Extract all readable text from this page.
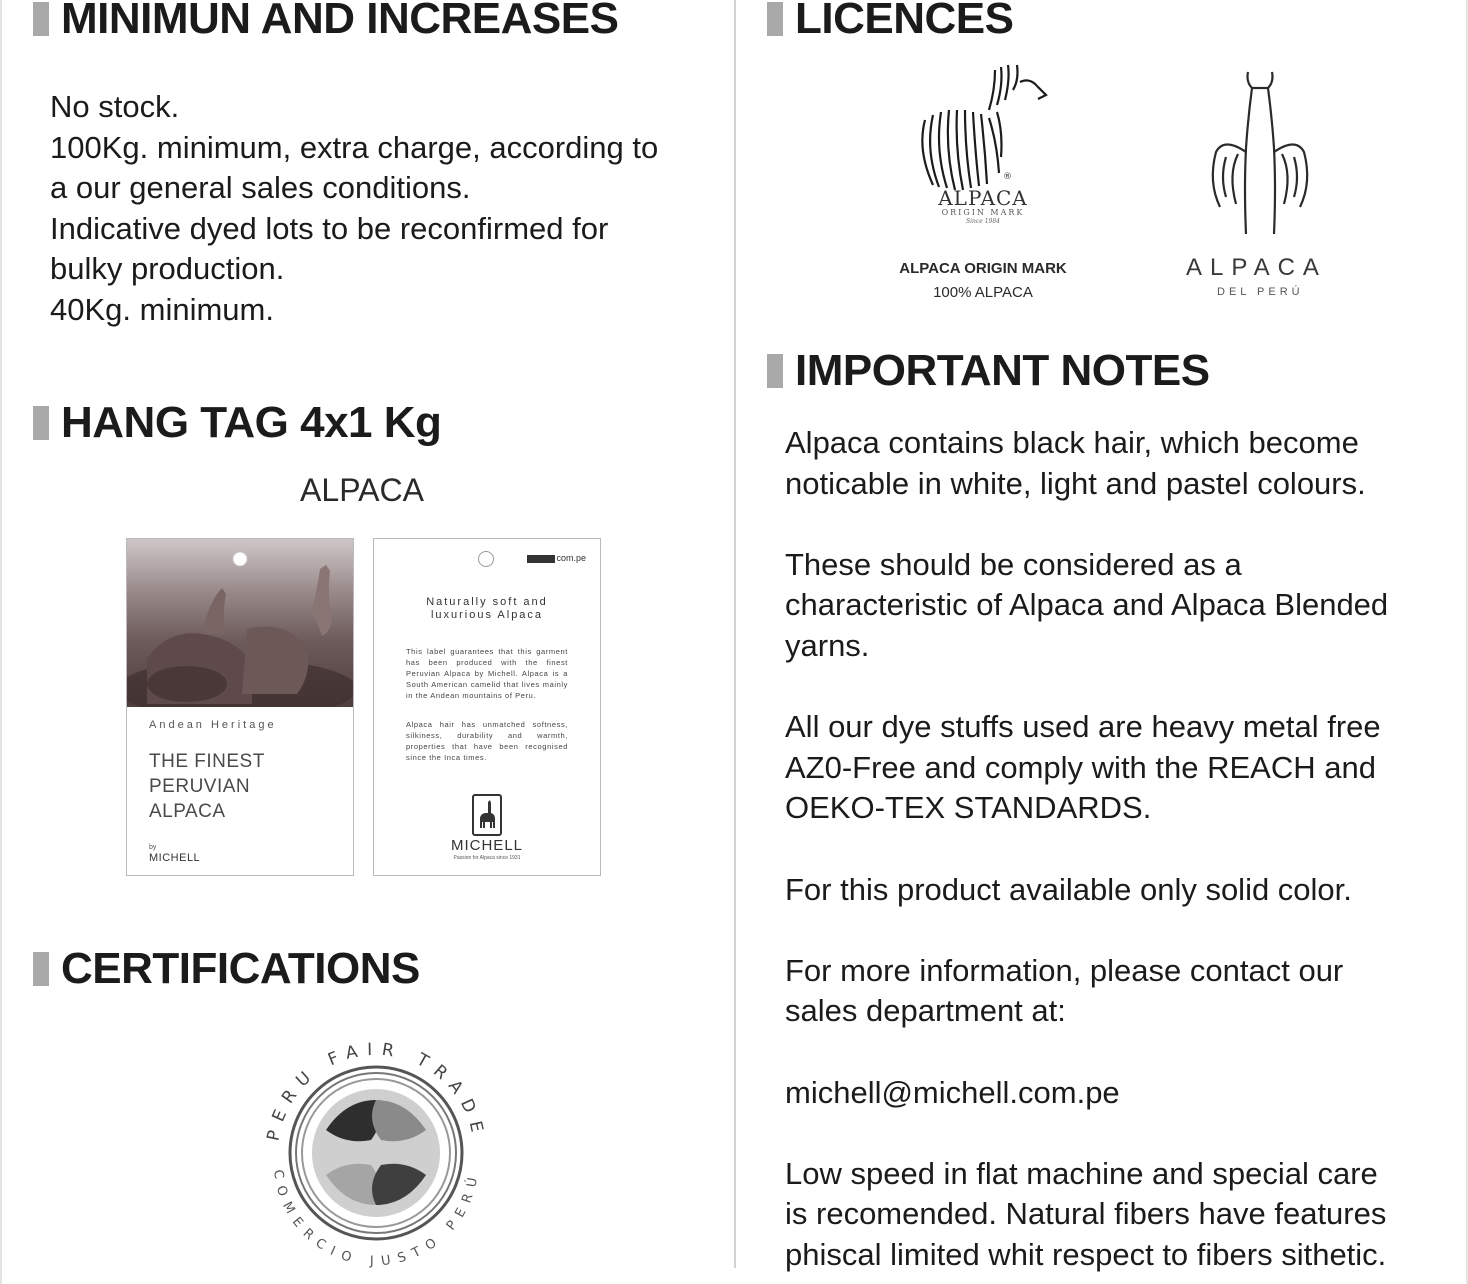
MINIMUN AND INCREASES
No stock.
100Kg. minimum, extra charge, according to
a our general sales conditions.
Indicative dyed lots to be reconfirmed for
bulky production.
40Kg. minimum.
HANG TAG 4x1 Kg
ALPACA
Andean Heritage
THE FINEST
PERUVIAN
ALPACA
by
MICHELL
com.pe
Naturally soft and
luxurious Alpaca
This label guarantees that this garment has been produced with the finest Peruvian Alpaca by Michell. Alpaca is a South American camelid that lives mainly in the Andean mountains of Peru.
Alpaca hair has unmatched softness, silkiness, durability and warmth, properties that have been recognised since the Inca times.
MICHELL
Passion for Alpaca since 1931
CERTIFICATIONS
PERU FAIR TRADE
COMERCIO JUSTO PERÚ
LICENCES
®
ALPACA
ORIGIN MARK
Since 1984
ALPACA ORIGIN MARK
100% ALPACA
ALPACA
DEL PERÚ
IMPORTANT NOTES
Alpaca contains black hair, which become
noticable in white, light and pastel colours.
These should be considered as a
characteristic of Alpaca and Alpaca Blended
yarns.
All our dye stuffs used are heavy metal free
AZ0-Free and comply with the REACH and
OEKO-TEX STANDARDS.
For this product available only solid color.
For more information, please contact our
sales department at:
michell@michell.com.pe
Low speed in flat machine and special care
is recomended. Natural fibers have features
phiscal limited whit respect to fibers sithetic.
